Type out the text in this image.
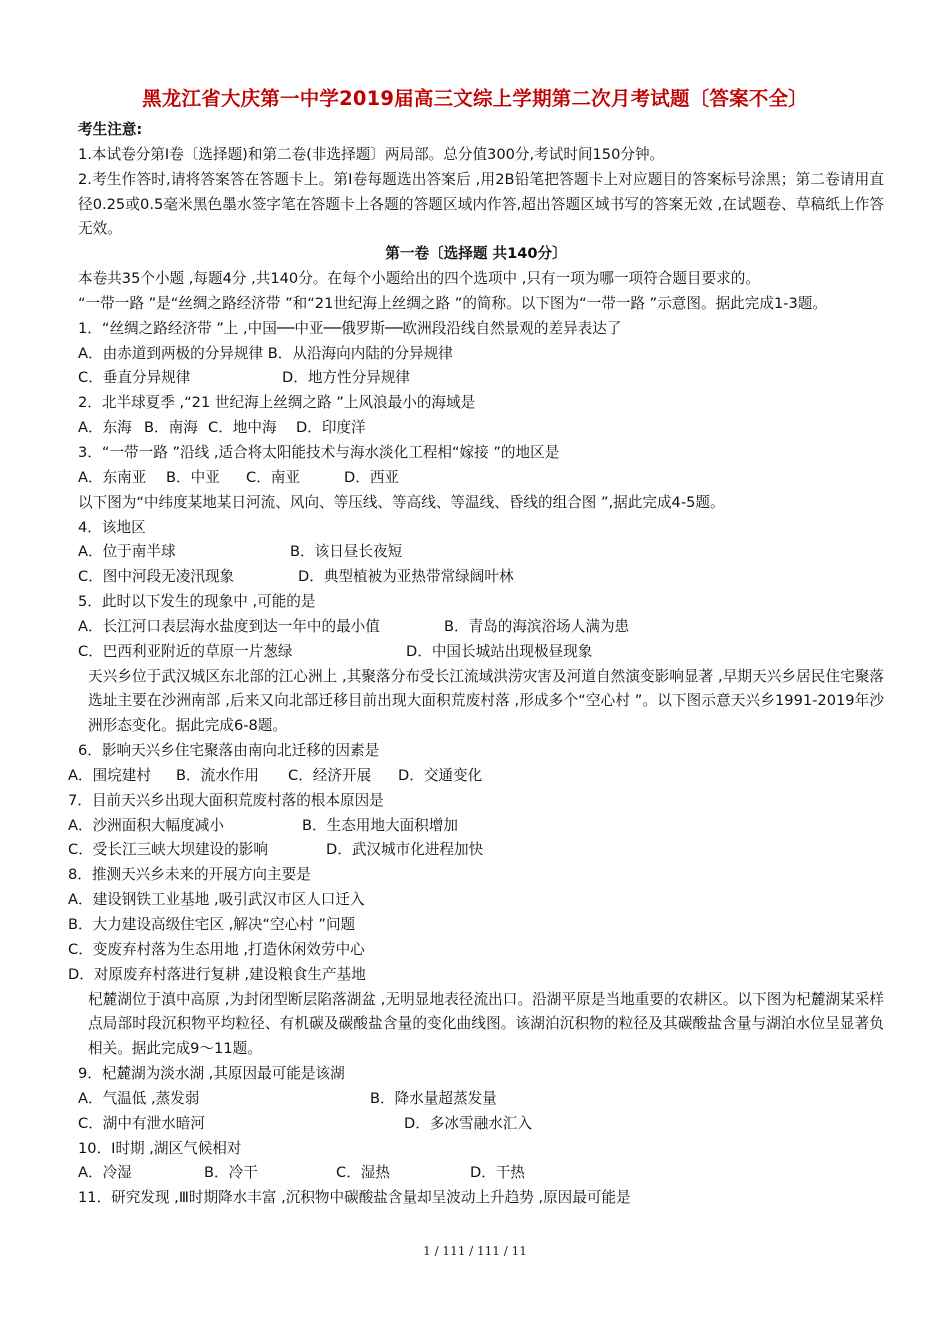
黑龙江省大庆第一中学2019届高三文综上学期第二次月考试题〔答案不全〕

考生注意:

1.本试卷分第Ⅰ卷〔选择题)和第二卷(非选择题〕两局部。总分值300分,考试时间150分钟。

2.考生作答时,请将答案答在答题卡上。第Ⅰ卷每题选出答案后 ,用2B铅笔把答题卡上对应题目的答案标号涂黑；第二卷请用直径0.25或0.5毫米黑色墨水签字笔在答题卡上各题的答题区域内作答,超出答题区域书写的答案无效 ,在试题卷、草稿纸上作答无效。

第一卷〔选择题 共140分〕

本卷共35个小题 ,每题4分 ,共140分。在每个小题给出的四个选项中 ,只有一项为哪一项符合题目要求的。

“一带一路 ”是“丝绸之路经济带 ”和“21世纪海上丝绸之路 ”的简称。以下图为“一带一路 ”示意图。据此完成1-3题。

1．“丝绸之路经济带 ”上 ,中国──中亚──俄罗斯──欧洲段沿线自然景观的差异表达了

A．由赤道到两极的分异规律 B．从沿海向内陆的分异规律

C．垂直分异规律	D．地方性分异规律

2．北半球夏季 ,“21 世纪海上丝绸之路 ”上风浪最小的海域是

A．东海 B．南海 C．地中海 D．印度洋

3．“一带一路 ”沿线 ,适合将太阳能技术与海水淡化工程相“嫁接 ”的地区是

A．东南亚 B．中亚 C．南亚	D．西亚

以下图为“中纬度某地某日河流、风向、等压线、等高线、等温线、昏线的组合图 ”,据此完成4-5题。

4．该地区

A．位于南半球	B．该日昼长夜短

C．图中河段无凌汛现象	D．典型植被为亚热带常绿阔叶林

5．此时以下发生的现象中 ,可能的是

A．长江河口表层海水盐度到达一年中的最小值	B．青岛的海滨浴场人满为患

C．巴西利亚附近的草原一片葱绿	D．中国长城站出现极昼现象

天兴乡位于武汉城区东北部的江心洲上 ,其聚落分布受长江流域洪涝灾害及河道自然演变影响显著 ,早期天兴乡居民住宅聚落选址主要在沙洲南部 ,后来又向北部迁移目前出现大面积荒废村落 ,形成多个“空心村 ”。以下图示意天兴乡1991-2019年沙洲形态变化。据此完成6-8题。

6．影响天兴乡住宅聚落由南向北迁移的因素是

A．围垸建村 B．流水作用 C．经济开展 D．交通变化

7．目前天兴乡出现大面积荒废村落的根本原因是

A．沙洲面积大幅度减小	B．生态用地大面积增加

C．受长江三峡大坝建设的影响	D．武汉城市化进程加快

8．推测天兴乡未来的开展方向主要是

A．建设钢铁工业基地 ,吸引武汉市区人口迁入

B．大力建设高级住宅区 ,解决“空心村 ”问题

C．变废弃村落为生态用地 ,打造休闲效劳中心

D．对原废弃村落进行复耕 ,建设粮食生产基地

杞麓湖位于滇中高原 ,为封闭型断层陷落湖盆 ,无明显地表径流出口。沿湖平原是当地重要的农耕区。以下图为杞麓湖某采样点局部时段沉积物平均粒径、有机碳及碳酸盐含量的变化曲线图。该湖泊沉积物的粒径及其碳酸盐含量与湖泊水位呈显著负相关。据此完成9～11题。

9．杞麓湖为淡水湖 ,其原因最可能是该湖

A．气温低 ,蒸发弱	B．降水量超蒸发量

C．湖中有泄水暗河	D．多冰雪融水汇入

10．Ⅰ时期 ,湖区气候相对

A．冷湿	B．冷干	C．湿热	D．干热

11．研究发现 ,Ⅲ时期降水丰富 ,沉积物中碳酸盐含量却呈波动上升趋势 ,原因最可能是

1 / 111 / 111 / 11
